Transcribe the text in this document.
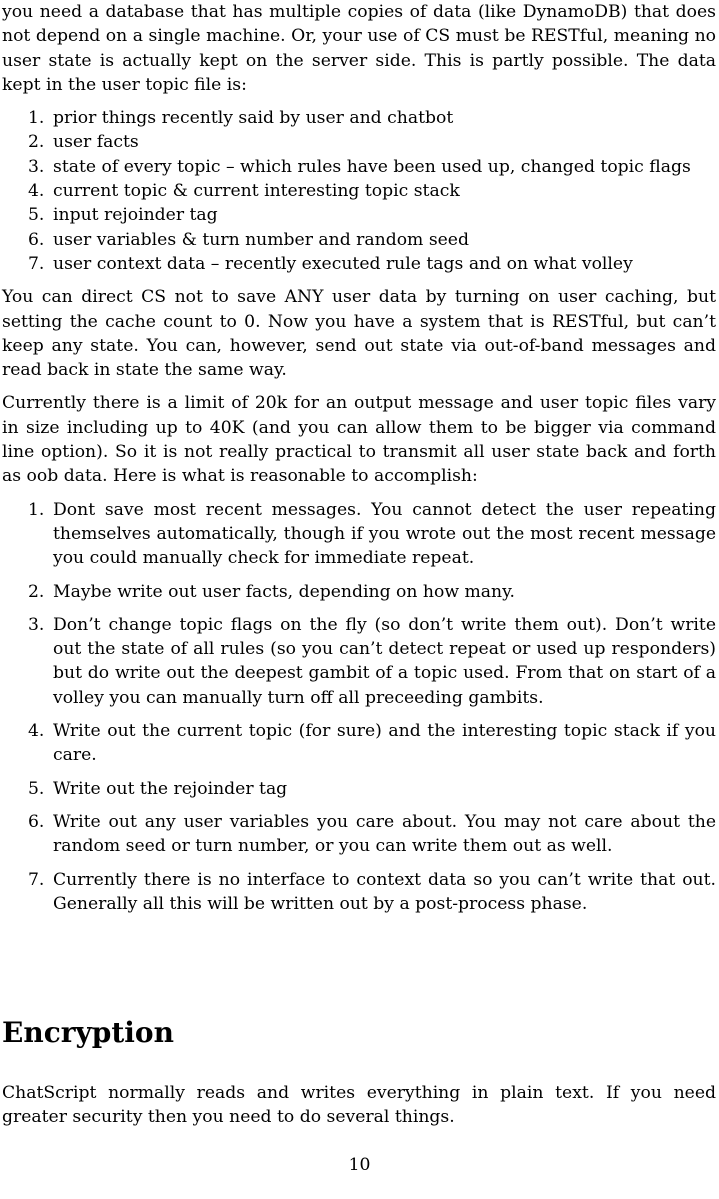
you need a database that has multiple copies of data (like DynamoDB) that does not depend on a single machine. Or, your use of CS must be RESTful, meaning no user state is actually kept on the server side. This is partly possible. The data kept in the user topic file is:

1. prior things recently said by user and chatbot
2. user facts
3. state of every topic – which rules have been used up, changed topic flags
4. current topic & current interesting topic stack
5. input rejoinder tag
6. user variables & turn number and random seed
7. user context data – recently executed rule tags and on what volley

You can direct CS not to save ANY user data by turning on user caching, but setting the cache count to 0. Now you have a system that is RESTful, but can’t keep any state. You can, however, send out state via out-of-band messages and read back in state the same way.

Currently there is a limit of 20k for an output message and user topic files vary in size including up to 40K (and you can allow them to be bigger via command line option). So it is not really practical to transmit all user state back and forth as oob data. Here is what is reasonable to accomplish:

1. Dont save most recent messages. You cannot detect the user repeating themselves automatically, though if you wrote out the most recent message you could manually check for immediate repeat.
2. Maybe write out user facts, depending on how many.
3. Don’t change topic flags on the fly (so don’t write them out). Don’t write out the state of all rules (so you can’t detect repeat or used up responders) but do write out the deepest gambit of a topic used. From that on start of a volley you can manually turn off all preceeding gambits.
4. Write out the current topic (for sure) and the interesting topic stack if you care.
5. Write out the rejoinder tag
6. Write out any user variables you care about. You may not care about the random seed or turn number, or you can write them out as well.
7. Currently there is no interface to context data so you can’t write that out. Generally all this will be written out by a post-process phase.
Encryption

ChatScript normally reads and writes everything in plain text. If you need greater security then you need to do several things.

10
